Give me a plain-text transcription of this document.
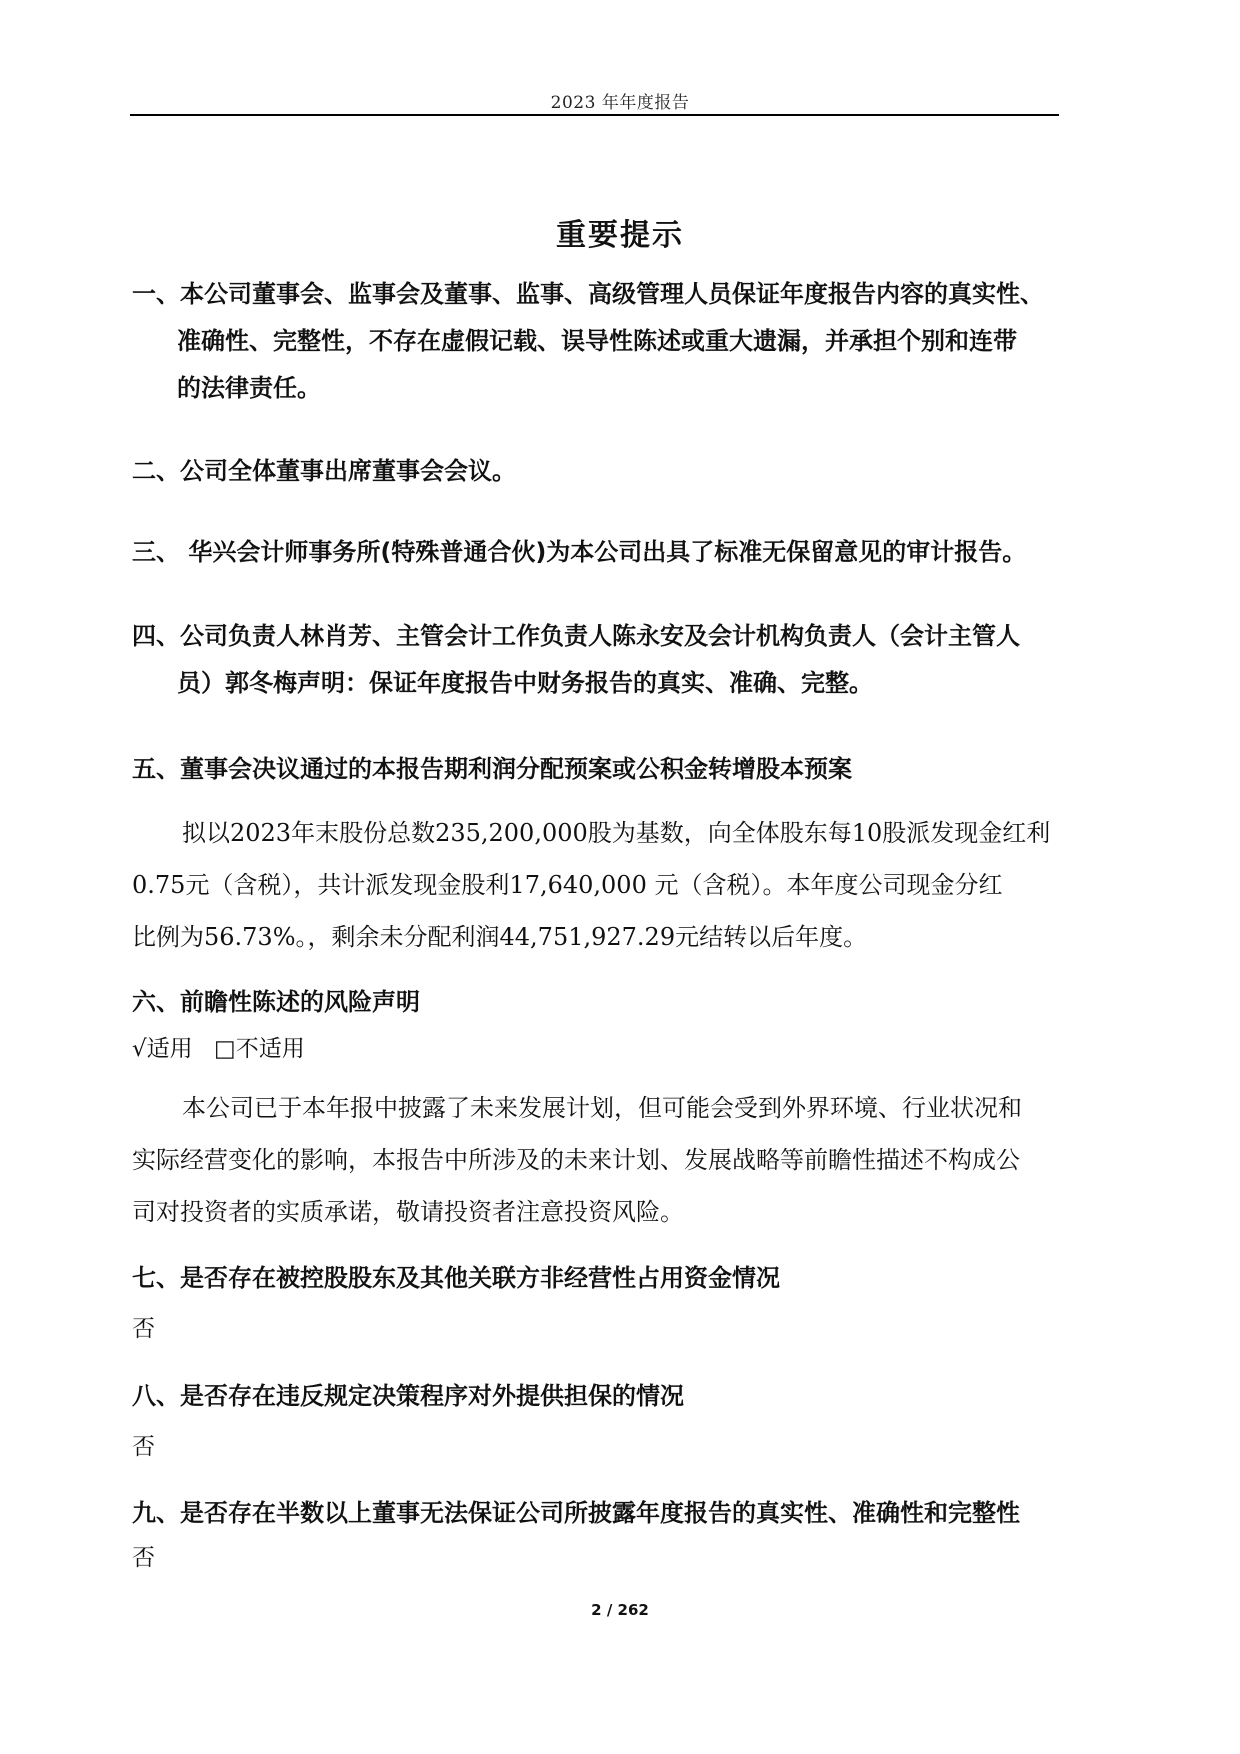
2023 年年度报告
重要提示
一、本公司董事会、监事会及董事、监事、高级管理人员保证年度报告内容的真实性、
准确性、完整性，不存在虚假记载、误导性陈述或重大遗漏，并承担个别和连带
的法律责任。
二、公司全体董事出席董事会会议。
三、 华兴会计师事务所(特殊普通合伙)为本公司出具了标准无保留意见的审计报告。
四、公司负责人林肖芳、主管会计工作负责人陈永安及会计机构负责人（会计主管人
员）郭冬梅声明：保证年度报告中财务报告的真实、准确、完整。
五、董事会决议通过的本报告期利润分配预案或公积金转增股本预案
拟以2023年末股份总数235,200,000股为基数，向全体股东每10股派发现金红利
0.75元（含税），共计派发现金股利17,640,000 元（含税）。本年度公司现金分红
比例为56.73%。，剩余未分配利润44,751,927.29元结转以后年度。
六、前瞻性陈述的风险声明
√适用 □不适用
本公司已于本年报中披露了未来发展计划，但可能会受到外界环境、行业状况和
实际经营变化的影响，本报告中所涉及的未来计划、发展战略等前瞻性描述不构成公
司对投资者的实质承诺，敬请投资者注意投资风险。
七、是否存在被控股股东及其他关联方非经营性占用资金情况
否
八、是否存在违反规定决策程序对外提供担保的情况
否
九、是否存在半数以上董事无法保证公司所披露年度报告的真实性、准确性和完整性
否
2 / 262
